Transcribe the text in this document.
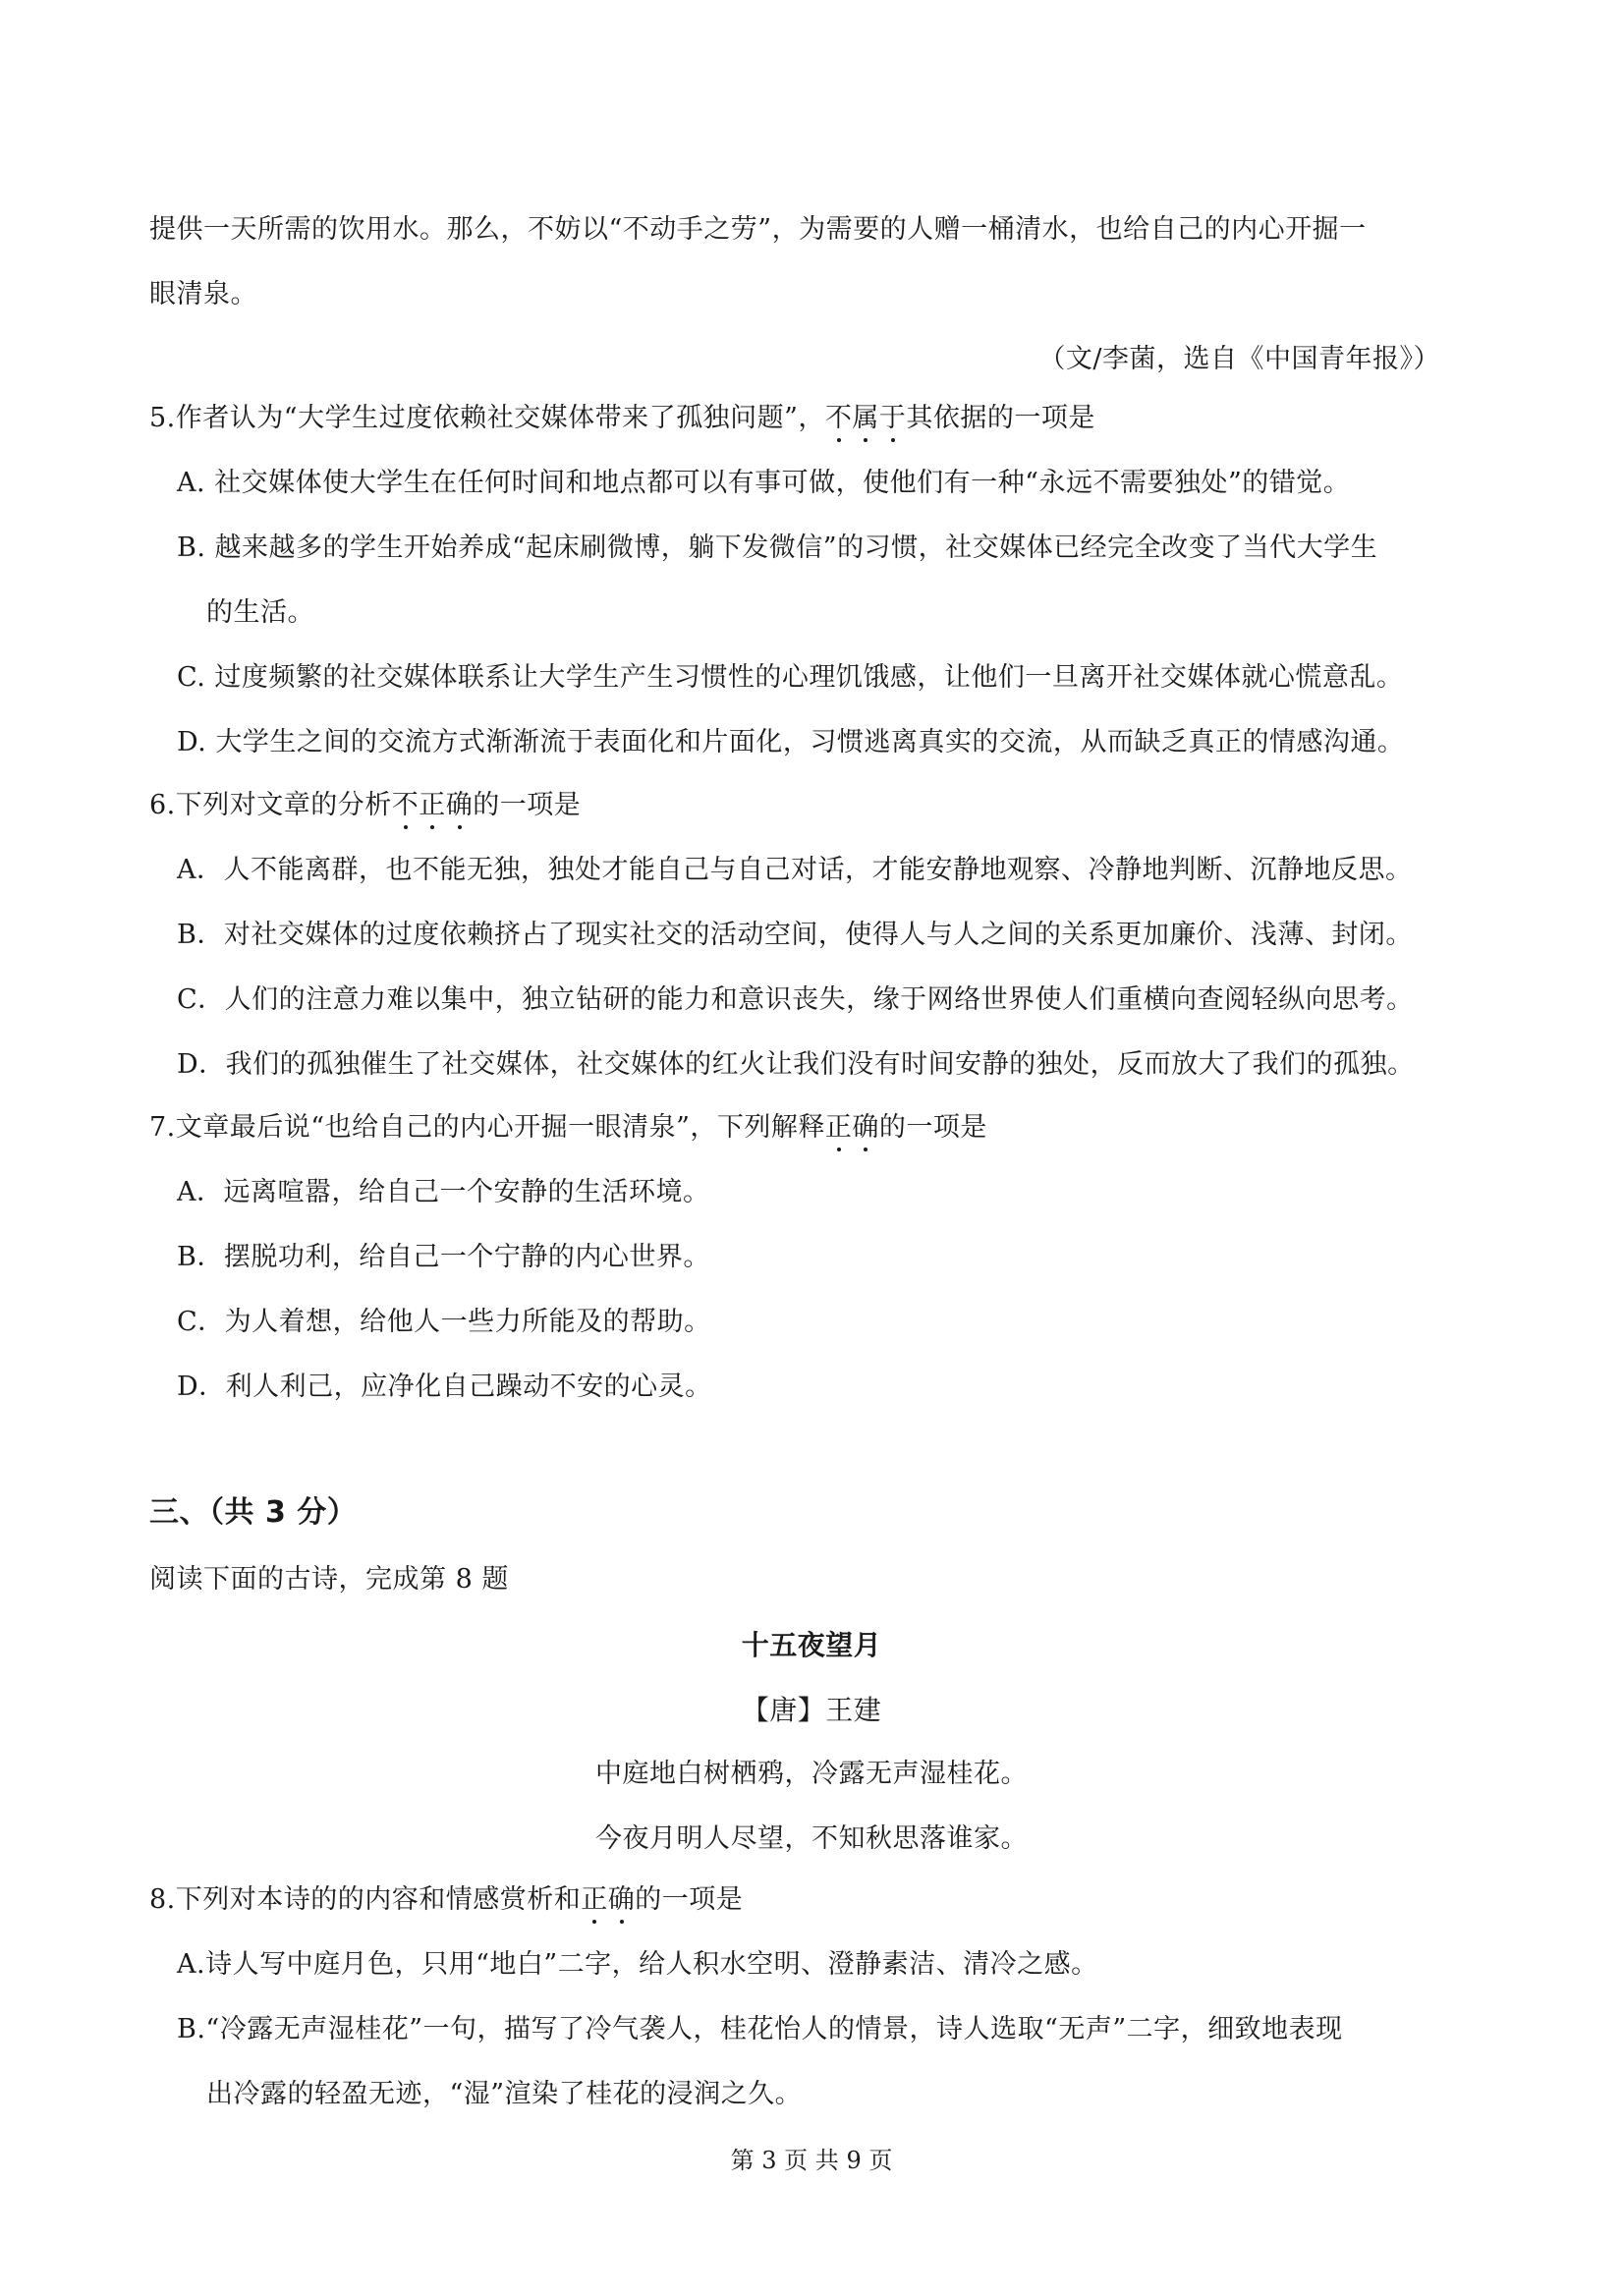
提供一天所需的饮用水。那么，不妨以“不动手之劳”，为需要的人赠一桶清水，也给自己的内心开掘一
眼清泉。
（文/李菌，选自《中国青年报》）
5.作者认为“大学生过度依赖社交媒体带来了孤独问题”，不属于其依据的一项是
A. 社交媒体使大学生在任何时间和地点都可以有事可做，使他们有一种“永远不需要独处”的错觉。
B. 越来越多的学生开始养成“起床刷微博，躺下发微信”的习惯，社交媒体已经完全改变了当代大学生
的生活。
C. 过度频繁的社交媒体联系让大学生产生习惯性的心理饥饿感，让他们一旦离开社交媒体就心慌意乱。
D. 大学生之间的交流方式渐渐流于表面化和片面化，习惯逃离真实的交流，从而缺乏真正的情感沟通。
6.下列对文章的分析不正确的一项是
A．人不能离群，也不能无独，独处才能自己与自己对话，才能安静地观察、冷静地判断、沉静地反思。
B．对社交媒体的过度依赖挤占了现实社交的活动空间，使得人与人之间的关系更加廉价、浅薄、封闭。
C．人们的注意力难以集中，独立钻研的能力和意识丧失，缘于网络世界使人们重横向查阅轻纵向思考。
D．我们的孤独催生了社交媒体，社交媒体的红火让我们没有时间安静的独处，反而放大了我们的孤独。
7.文章最后说“也给自己的内心开掘一眼清泉”，下列解释正确的一项是
A．远离喧嚣，给自己一个安静的生活环境。
B．摆脱功利，给自己一个宁静的内心世界。
C．为人着想，给他人一些力所能及的帮助。
D．利人利己，应净化自己躁动不安的心灵。
三、（共 3 分）
阅读下面的古诗，完成第 8 题
十五夜望月
【唐】王建
中庭地白树栖鸦，冷露无声湿桂花。
今夜月明人尽望，不知秋思落谁家。
8.下列对本诗的的内容和情感赏析和正确的一项是
A.诗人写中庭月色，只用“地白”二字，给人积水空明、澄静素洁、清冷之感。
B.“冷露无声湿桂花”一句，描写了冷气袭人，桂花怡人的情景，诗人选取“无声”二字，细致地表现
出冷露的轻盈无迹，“湿”渲染了桂花的浸润之久。
第 3 页 共 9 页
